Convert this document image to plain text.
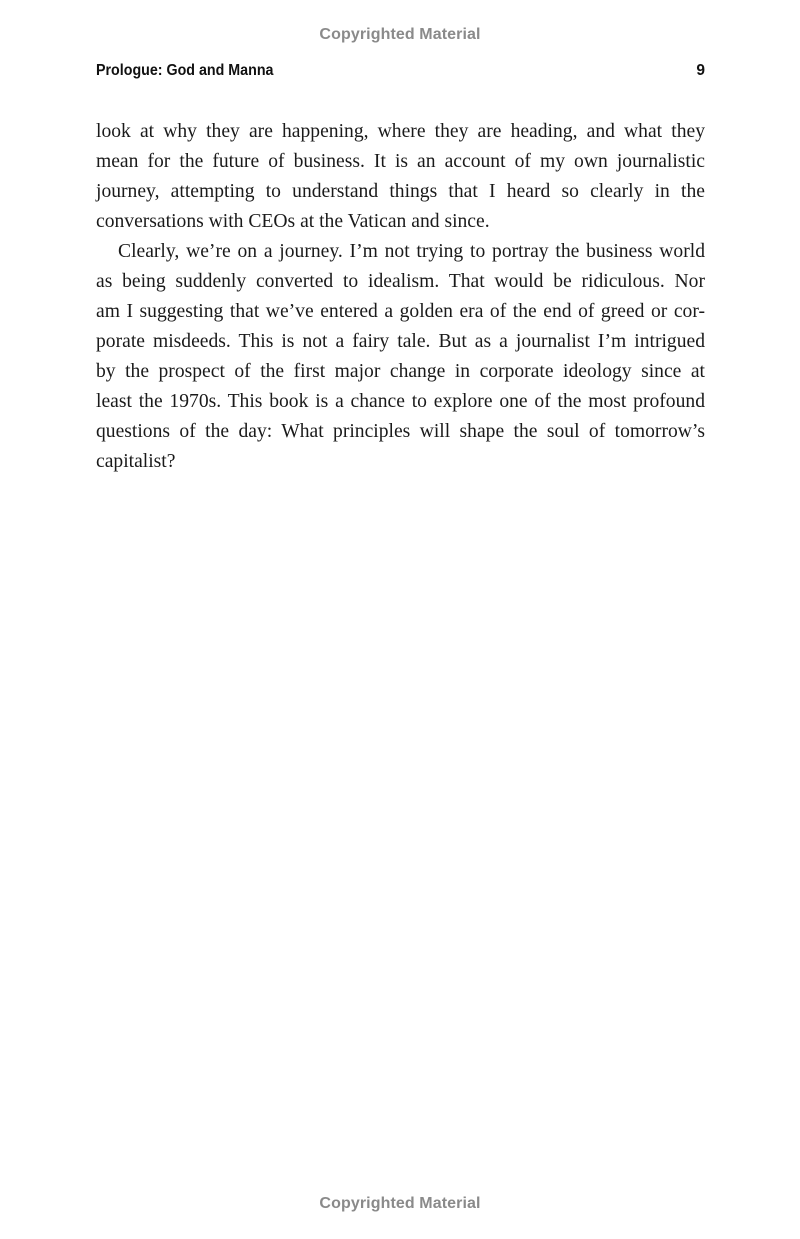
Copyrighted Material
Prologue: God and Manna	9
look at why they are happening, where they are heading, and what they
mean for the future of business. It is an account of my own journalistic
journey, attempting to understand things that I heard so clearly in the
conversations with CEOs at the Vatican and since.
Clearly, we’re on a journey. I’m not trying to portray the business world
as being suddenly converted to idealism. That would be ridiculous. Nor
am I suggesting that we’ve entered a golden era of the end of greed or cor-
porate misdeeds. This is not a fairy tale. But as a journalist I’m intrigued
by the prospect of the first major change in corporate ideology since at
least the 1970s. This book is a chance to explore one of the most profound
questions of the day: What principles will shape the soul of tomorrow’s
capitalist?
Copyrighted Material
